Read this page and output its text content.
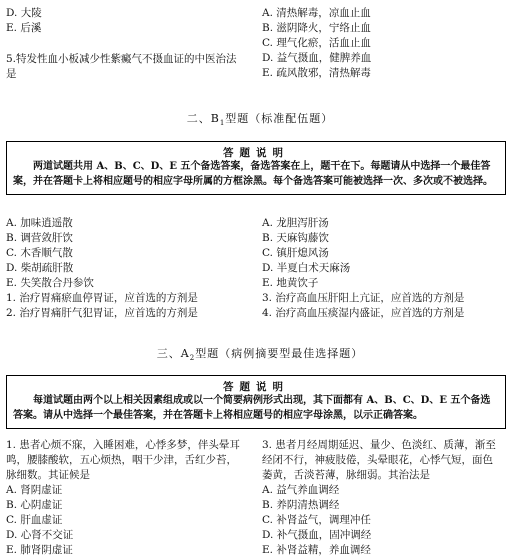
D. 大陵
E. 后溪
5.特发性血小板减少性紫癜气不摄血证的中医治法是
A. 清热解毒，凉血止血
B. 滋阴降火，宁络止血
C. 理气化瘀，活血止血
D. 益气摄血，健脾养血
E. 疏风散邪，清热解毒
二、$B_1$型题（标准配伍题）
答题说明
两道试题共用 A、B、C、D、E 五个备选答案，备选答案在上，题干在下。每题请从中选择一个最佳答案，并在答题卡上将相应题号的相应字母所属的方框涂黑。每个备选答案可能被选择一次、多次或不被选择。
A. 加味逍遥散
B. 调营敛肝饮
C. 木香顺气散
D. 柴胡疏肝散
E. 失笑散合丹参饮
1. 治疗胃痛瘀血停胃证，应首选的方剂是
2. 治疗胃痛肝气犯胃证，应首选的方剂是
A. 龙胆泻肝汤
B. 天麻钩藤饮
C. 镇肝熄风汤
D. 半夏白术天麻汤
E. 地黄饮子
3. 治疗高血压肝阳上亢证，应首选的方剂是
4. 治疗高血压痰湿内盛证，应首选的方剂是
三、$A_2$型题（病例摘要型最佳选择题）
答题说明
每道试题由两个以上相关因素组成或以一个简要病例形式出现，其下面都有 A、B、C、D、E 五个备选答案。请从中选择一个最佳答案，并在答题卡上将相应题号的相应字母涂黑，以示正确答案。
1. 患者心烦不寐，入睡困难，心悸多梦，伴头晕耳鸣，腰膝酸软，五心烦热，咽干少津，舌红少苔，脉细数。其证候是
A. 肾阴虚证
B. 心阴虚证
C. 肝血虚证
D. 心肾不交证
E. 肺肾阴虚证
3. 患者月经周期延迟、量少、色淡红、质薄，渐至经闭不行，神疲肢倦，头晕眼花，心悸气短，面色萎黄，舌淡苔薄，脉细弱。其治法是
A. 益气养血调经
B. 养阴清热调经
C. 补肾益气，调理冲任
D. 补气摄血，固冲调经
E. 补肾益精，养血调经
